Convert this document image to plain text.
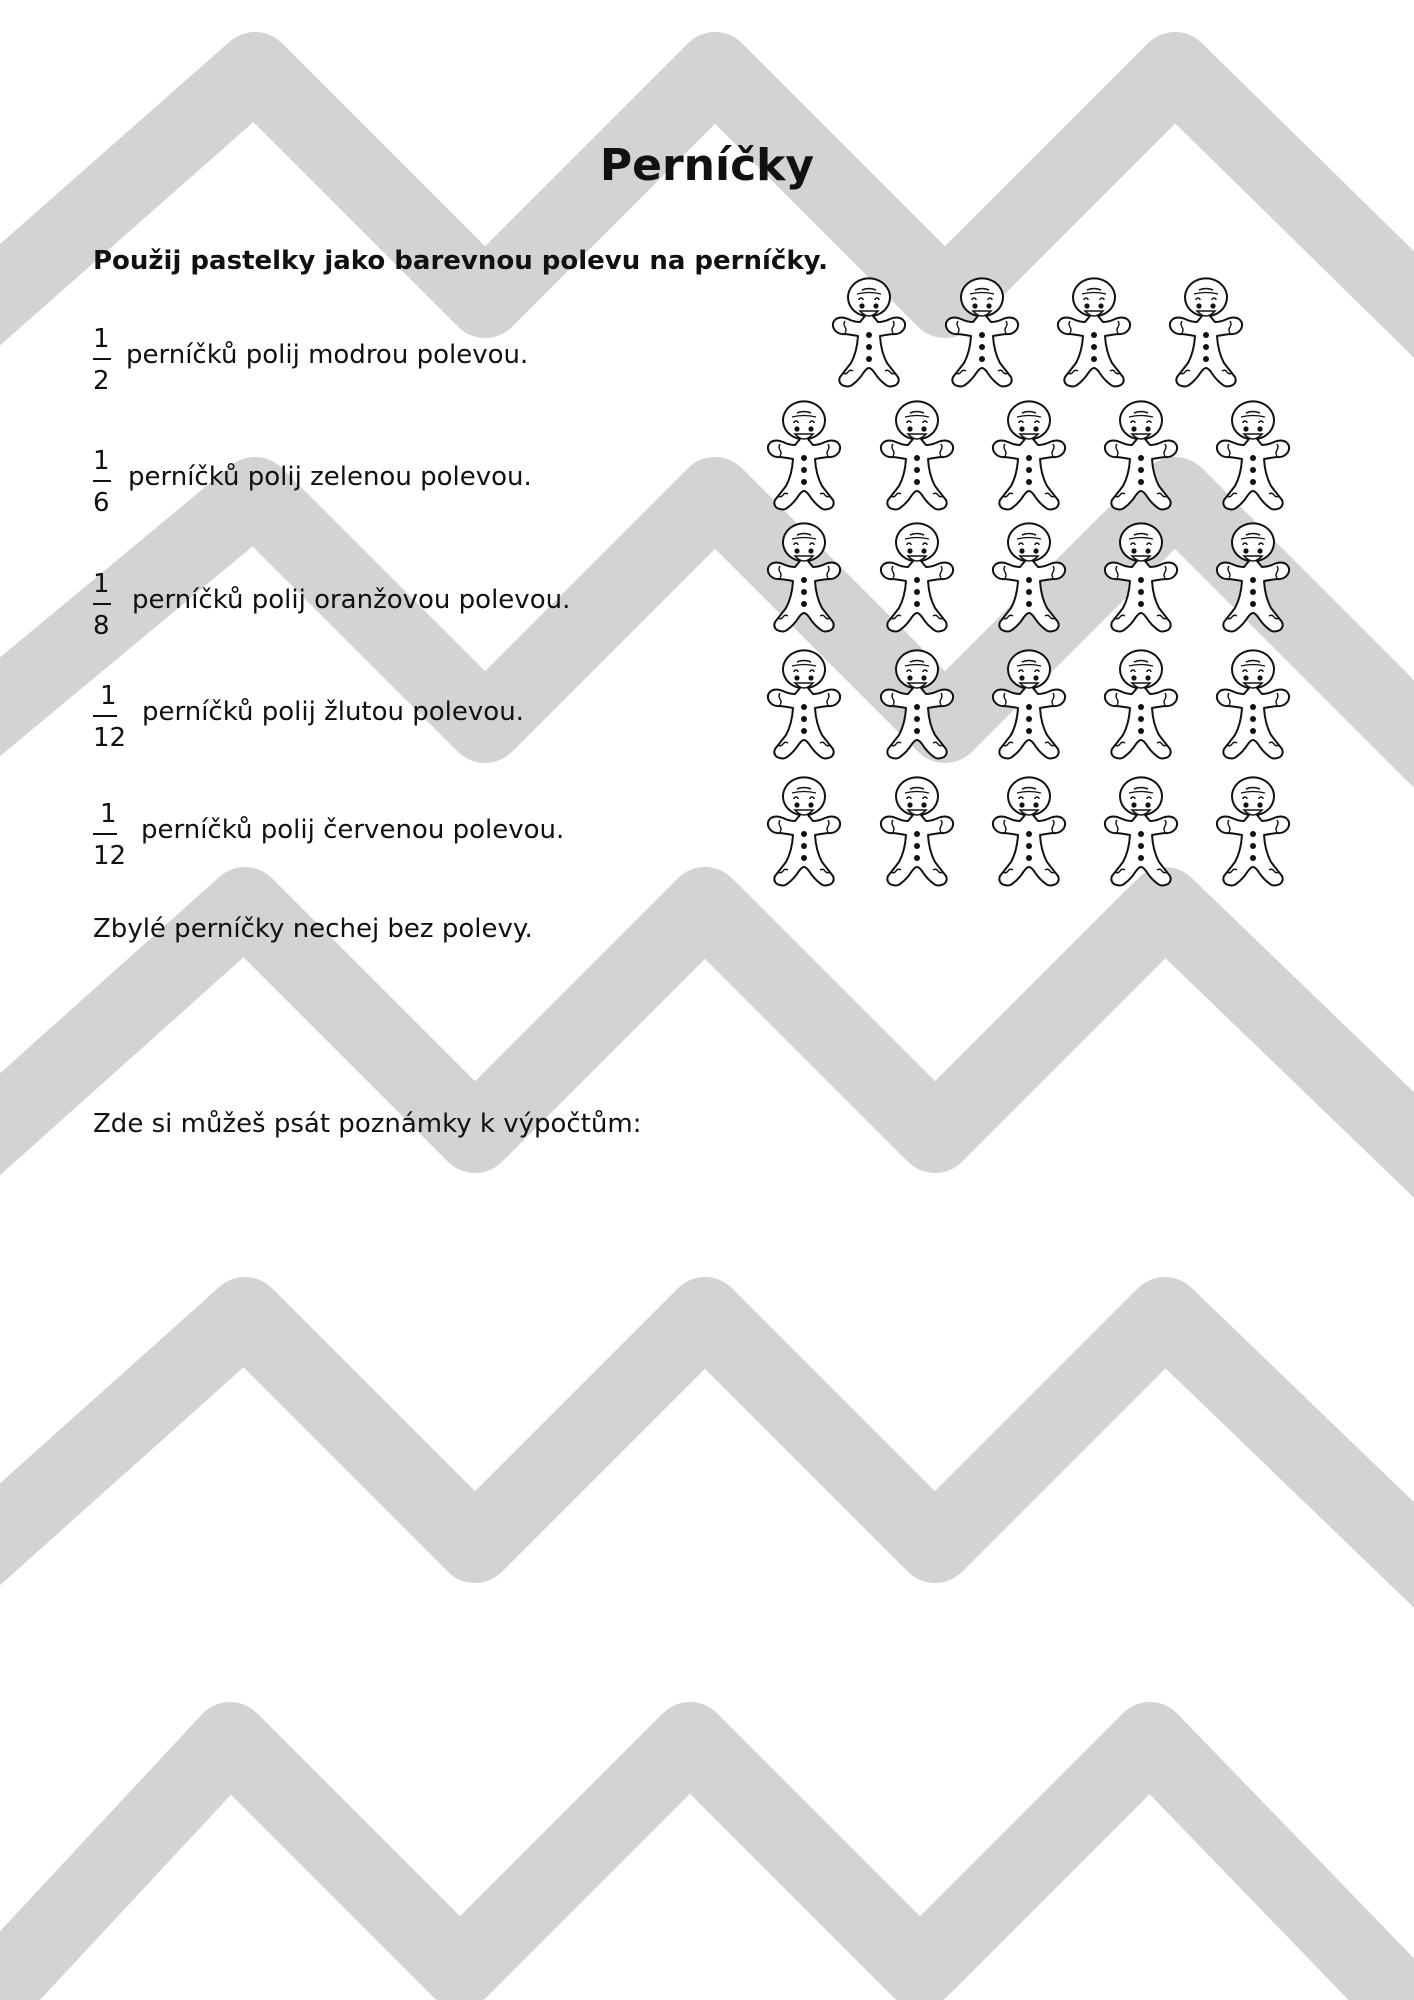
Perníčky
Použij pastelky jako barevnou polevu na perníčky.
1
2
perníčků polij modrou polevou.
1
6
perníčků polij zelenou polevou.
1
8
perníčků polij oranžovou polevou.
1
12
perníčků polij žlutou polevou.
1
12
perníčků polij červenou polevou.
Zbylé perníčky nechej bez polevy.
Zde si můžeš psát poznámky k výpočtům:
